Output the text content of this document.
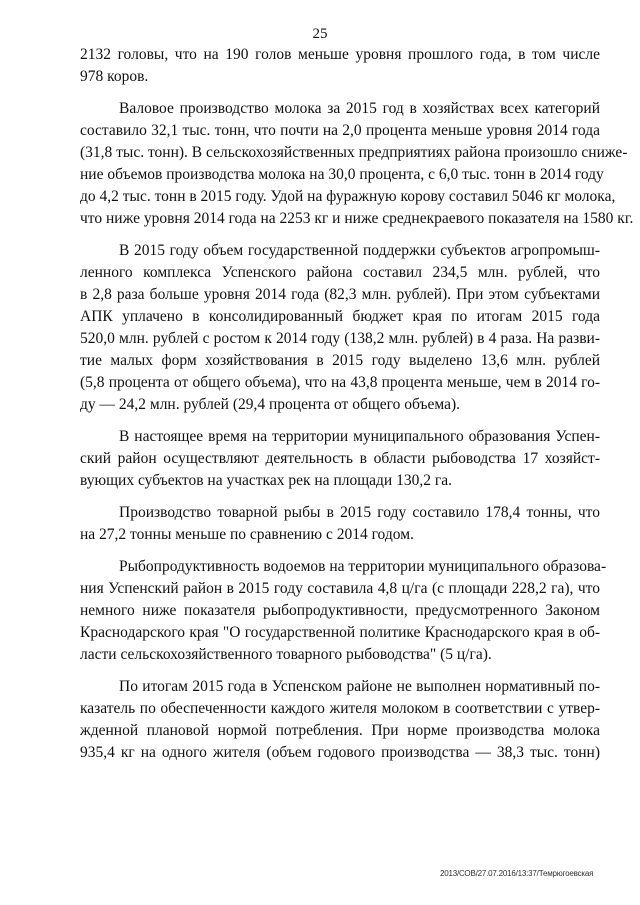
25
2132 головы, что на 190 голов меньше уровня прошлого года, в том числе
978 коров.
Валовое производство молока за 2015 год в хозяйствах всех категорий
составило 32,1 тыс. тонн, что почти на 2,0 процента меньше уровня 2014 года
(31,8 тыс. тонн). В сельскохозяйственных предприятиях района произошло сниже-
ние объемов производства молока на 30,0 процента, с 6,0 тыс. тонн в 2014 году
до 4,2 тыс. тонн в 2015 году. Удой на фуражную корову составил 5046 кг молока,
что ниже уровня 2014 года на 2253 кг и ниже среднекраевого показателя на 1580 кг.
В 2015 году объем государственной поддержки субъектов агропромыш-
ленного комплекса Успенского района составил 234,5 млн. рублей, что
в 2,8 раза больше уровня 2014 года (82,3 млн. рублей). При этом субъектами
АПК уплачено в консолидированный бюджет края по итогам 2015 года
520,0 млн. рублей с ростом к 2014 году (138,2 млн. рублей) в 4 раза. На разви-
тие малых форм хозяйствования в 2015 году выделено 13,6 млн. рублей
(5,8 процента от общего объема), что на 43,8 процента меньше, чем в 2014 го-
ду — 24,2 млн. рублей (29,4 процента от общего объема).
В настоящее время на территории муниципального образования Успен-
ский район осуществляют деятельность в области рыбоводства 17 хозяйст-
вующих субъектов на участках рек на площади 130,2 га.
Производство товарной рыбы в 2015 году составило 178,4 тонны, что
на 27,2 тонны меньше по сравнению с 2014 годом.
Рыбопродуктивность водоемов на территории муниципального образова-
ния Успенский район в 2015 году составила 4,8 ц/га (с площади 228,2 га), что
немного ниже показателя рыбопродуктивности, предусмотренного Законом
Краснодарского края "О государственной политике Краснодарского края в об-
ласти сельскохозяйственного товарного рыбоводства" (5 ц/га).
По итогам 2015 года в Успенском районе не выполнен нормативный по-
казатель по обеспеченности каждого жителя молоком в соответствии с утвер-
жденной плановой нормой потребления. При норме производства молока
935,4 кг на одного жителя (объем годового производства — 38,3 тыс. тонн)
2013/СОВ/27.07.2016/13:37/Темрюгоевская
